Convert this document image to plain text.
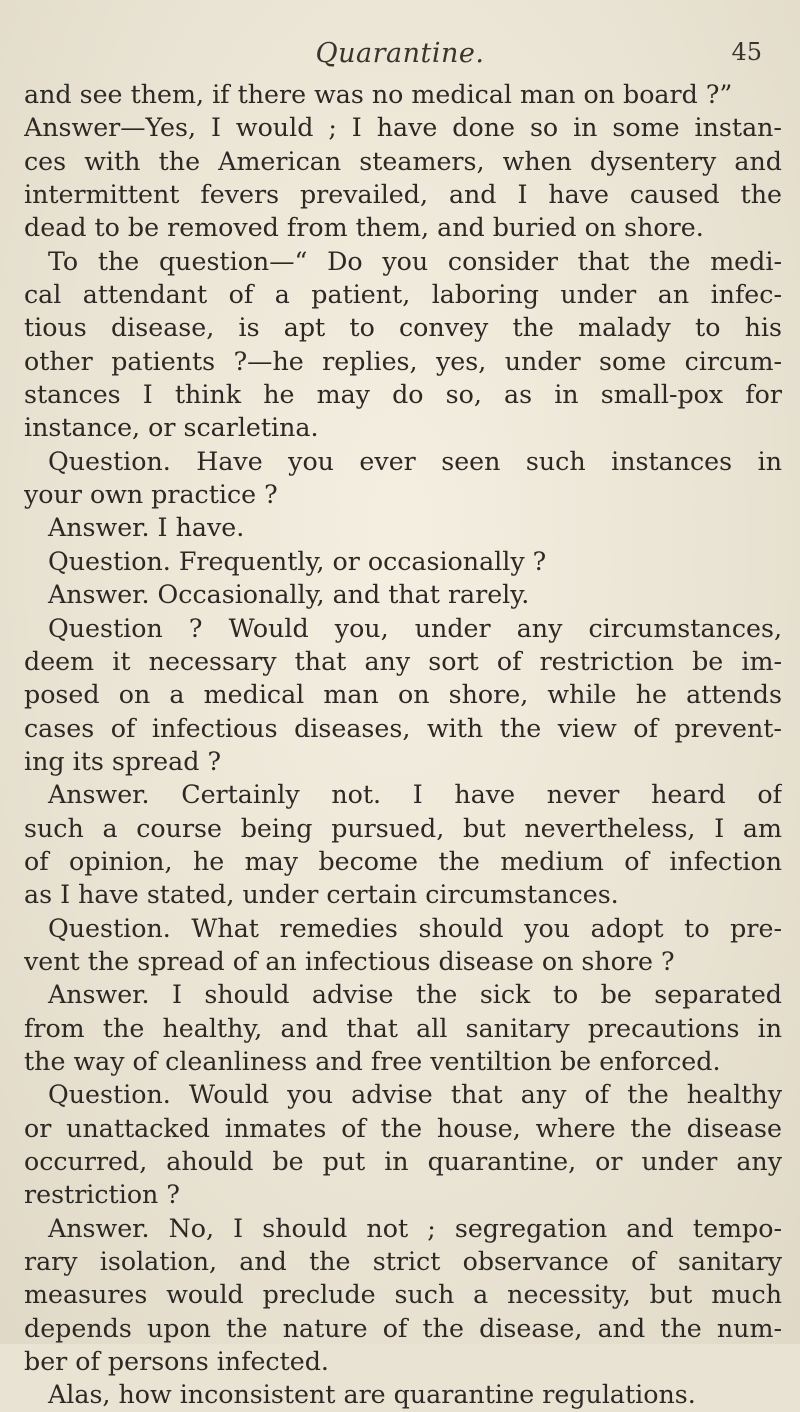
Quarantine.	45
and see them, if there was no medical man on board ?”
Answer—Yes, I would ; I have done so in some instan-
ces with the American steamers, when dysentery and
intermittent fevers prevailed, and I have caused the
dead to be removed from them, and buried on shore.
To the question—“ Do you consider that the medi-
cal attendant of a patient, laboring under an infec-
tious disease, is apt to convey the malady to his
other patients ?—he replies, yes, under some circum-
stances I think he may do so, as in small-pox for
instance, or scarletina.
Question. Have you ever seen such instances in
your own practice ?
Answer. I have.
Question. Frequently, or occasionally ?
Answer. Occasionally, and that rarely.
Question ? Would you, under any circumstances,
deem it necessary that any sort of restriction be im-
posed on a medical man on shore, while he attends
cases of infectious diseases, with the view of prevent-
ing its spread ?
Answer. Certainly not. I have never heard of
such a course being pursued, but nevertheless, I am
of opinion, he may become the medium of infection
as I have stated, under certain circumstances.
Question. What remedies should you adopt to pre-
vent the spread of an infectious disease on shore ?
Answer. I should advise the sick to be separated
from the healthy, and that all sanitary precautions in
the way of cleanliness and free ventiltion be enforced.
Question. Would you advise that any of the healthy
or unattacked inmates of the house, where the disease
occurred, ahould be put in quarantine, or under any
restriction ?
Answer. No, I should not ; segregation and tempo-
rary isolation, and the strict observance of sanitary
measures would preclude such a necessity, but much
depends upon the nature of the disease, and the num-
ber of persons infected.
Alas, how inconsistent are quarantine regulations.
